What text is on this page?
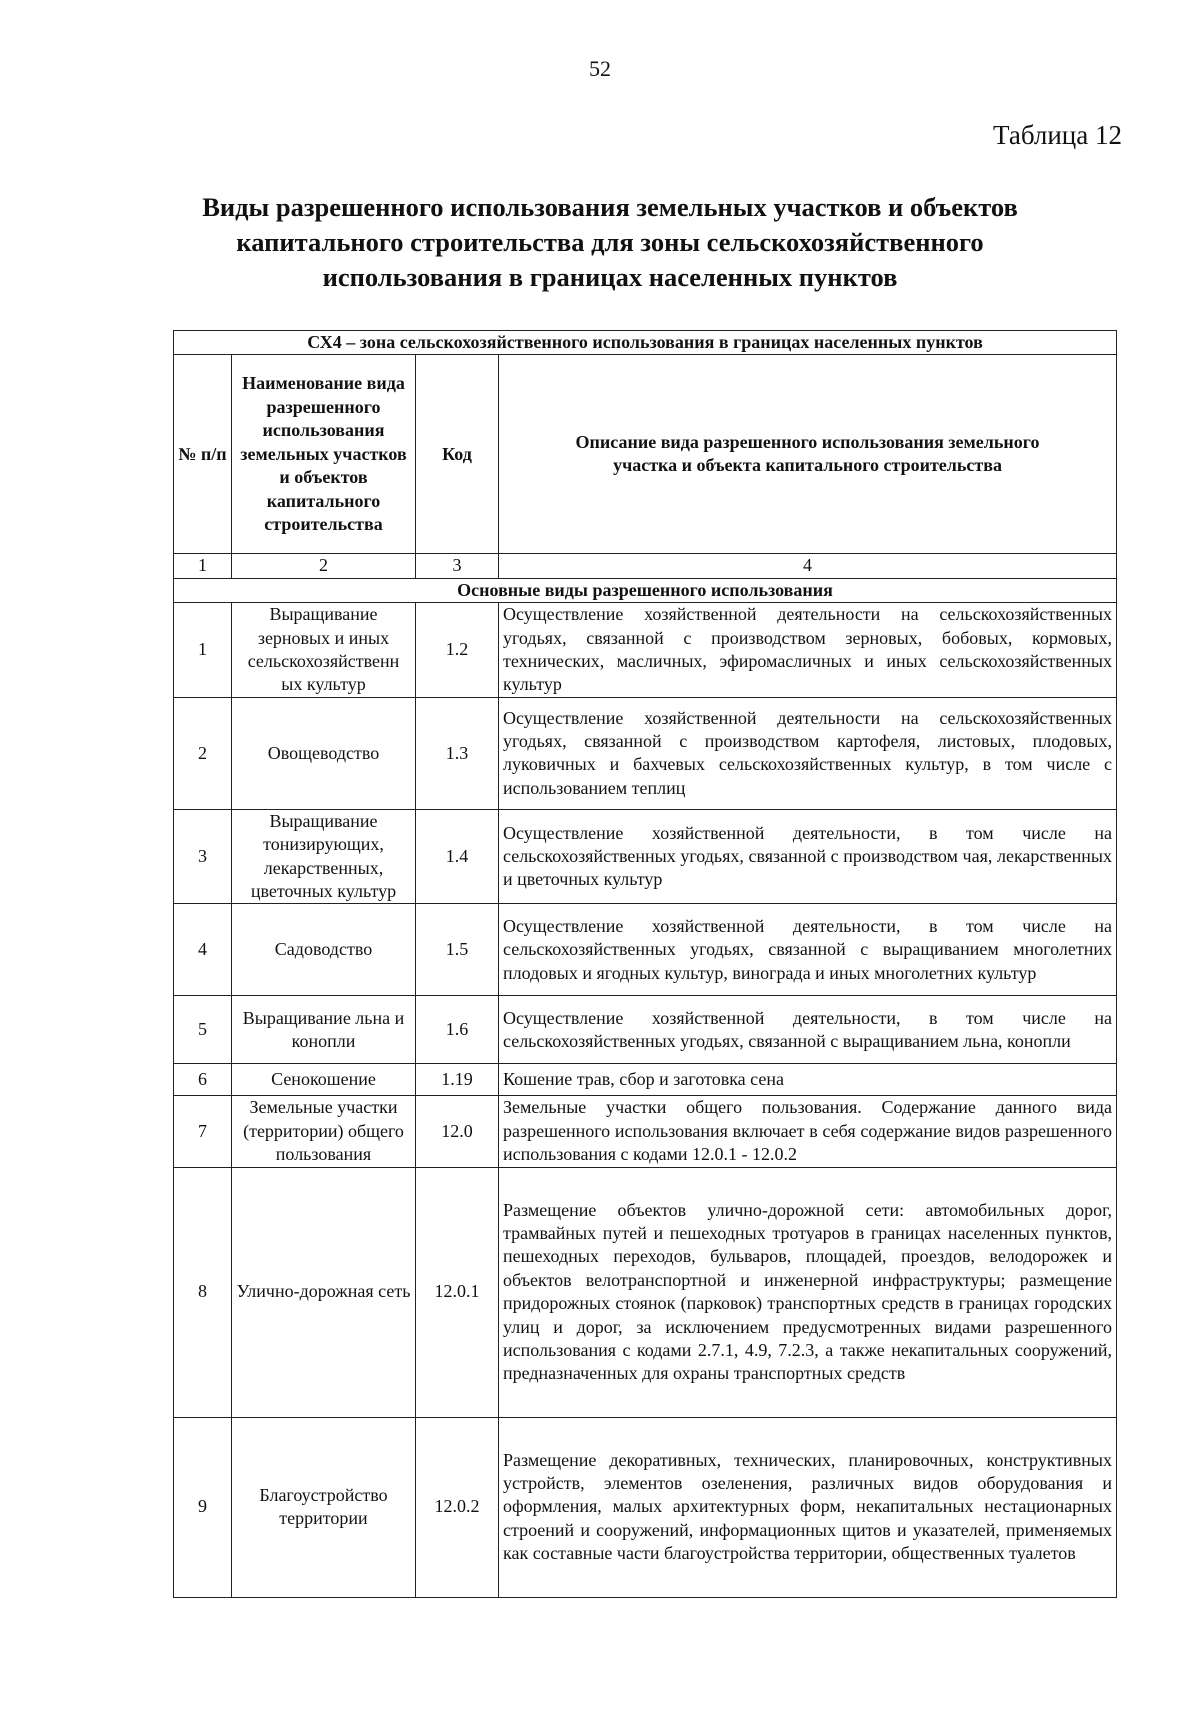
52
Таблица 12
Виды разрешенного использования земельных участков и объектов
капитального строительства для зоны сельскохозяйственного
использования в границах населенных пунктов
СХ4 – зона сельскохозяйственного использования в границах населенных пунктов			
№ п/п	Наименование вида разрешенного использования земельных участков и объектов капитального строительства	Код	Описание вида разрешенного использования земельного участка и объекта капитального строительства
1	2	3	4
Основные виды разрешенного использования			
1	Выращивание зерновых и иных сельскохозяйственн ых культур	1.2	Осуществление хозяйственной деятельности на сельскохозяйственных угодьях, связанной с производством зерновых, бобовых, кормовых, технических, масличных, эфиромасличных и иных сельскохозяйственных культур
2	Овощеводство	1.3	Осуществление хозяйственной деятельности на сельскохозяйственных угодьях, связанной с производством картофеля, листовых, плодовых, луковичных и бахчевых сельскохозяйственных культур, в том числе с использованием теплиц
3	Выращивание тонизирующих, лекарственных, цветочных культур	1.4	Осуществление хозяйственной деятельности, в том числе на сельскохозяйственных угодьях, связанной с производством чая, лекарственных и цветочных культур
4	Садоводство	1.5	Осуществление хозяйственной деятельности, в том числе на сельскохозяйственных угодьях, связанной с выращиванием многолетних плодовых и ягодных культур, винограда и иных многолетних культур
5	Выращивание льна и конопли	1.6	Осуществление хозяйственной деятельности, в том числе на сельскохозяйственных угодьях, связанной с выращиванием льна, конопли
6	Сенокошение	1.19	Кошение трав, сбор и заготовка сена
7	Земельные участки (территории) общего пользования	12.0	Земельные участки общего пользования. Содержание данного вида разрешенного использования включает в себя содержание видов разрешенного использования с кодами 12.0.1 - 12.0.2
8	Улично-дорожная сеть	12.0.1	Размещение объектов улично-дорожной сети: автомобильных дорог, трамвайных путей и пешеходных тротуаров в границах населенных пунктов, пешеходных переходов, бульваров, площадей, проездов, велодорожек и объектов велотранспортной и инженерной инфраструктуры; размещение придорожных стоянок (парковок) транспортных средств в границах городских улиц и дорог, за исключением предусмотренных видами разрешенного использования с кодами 2.7.1, 4.9, 7.2.3, а также некапитальных сооружений, предназначенных для охраны транспортных средств
9	Благоустройство территории	12.0.2	Размещение декоративных, технических, планировочных, конструктивных устройств, элементов озеленения, различных видов оборудования и оформления, малых архитектурных форм, некапитальных нестационарных строений и сооружений, информационных щитов и указателей, применяемых как составные части благоустройства территории, общественных туалетов
